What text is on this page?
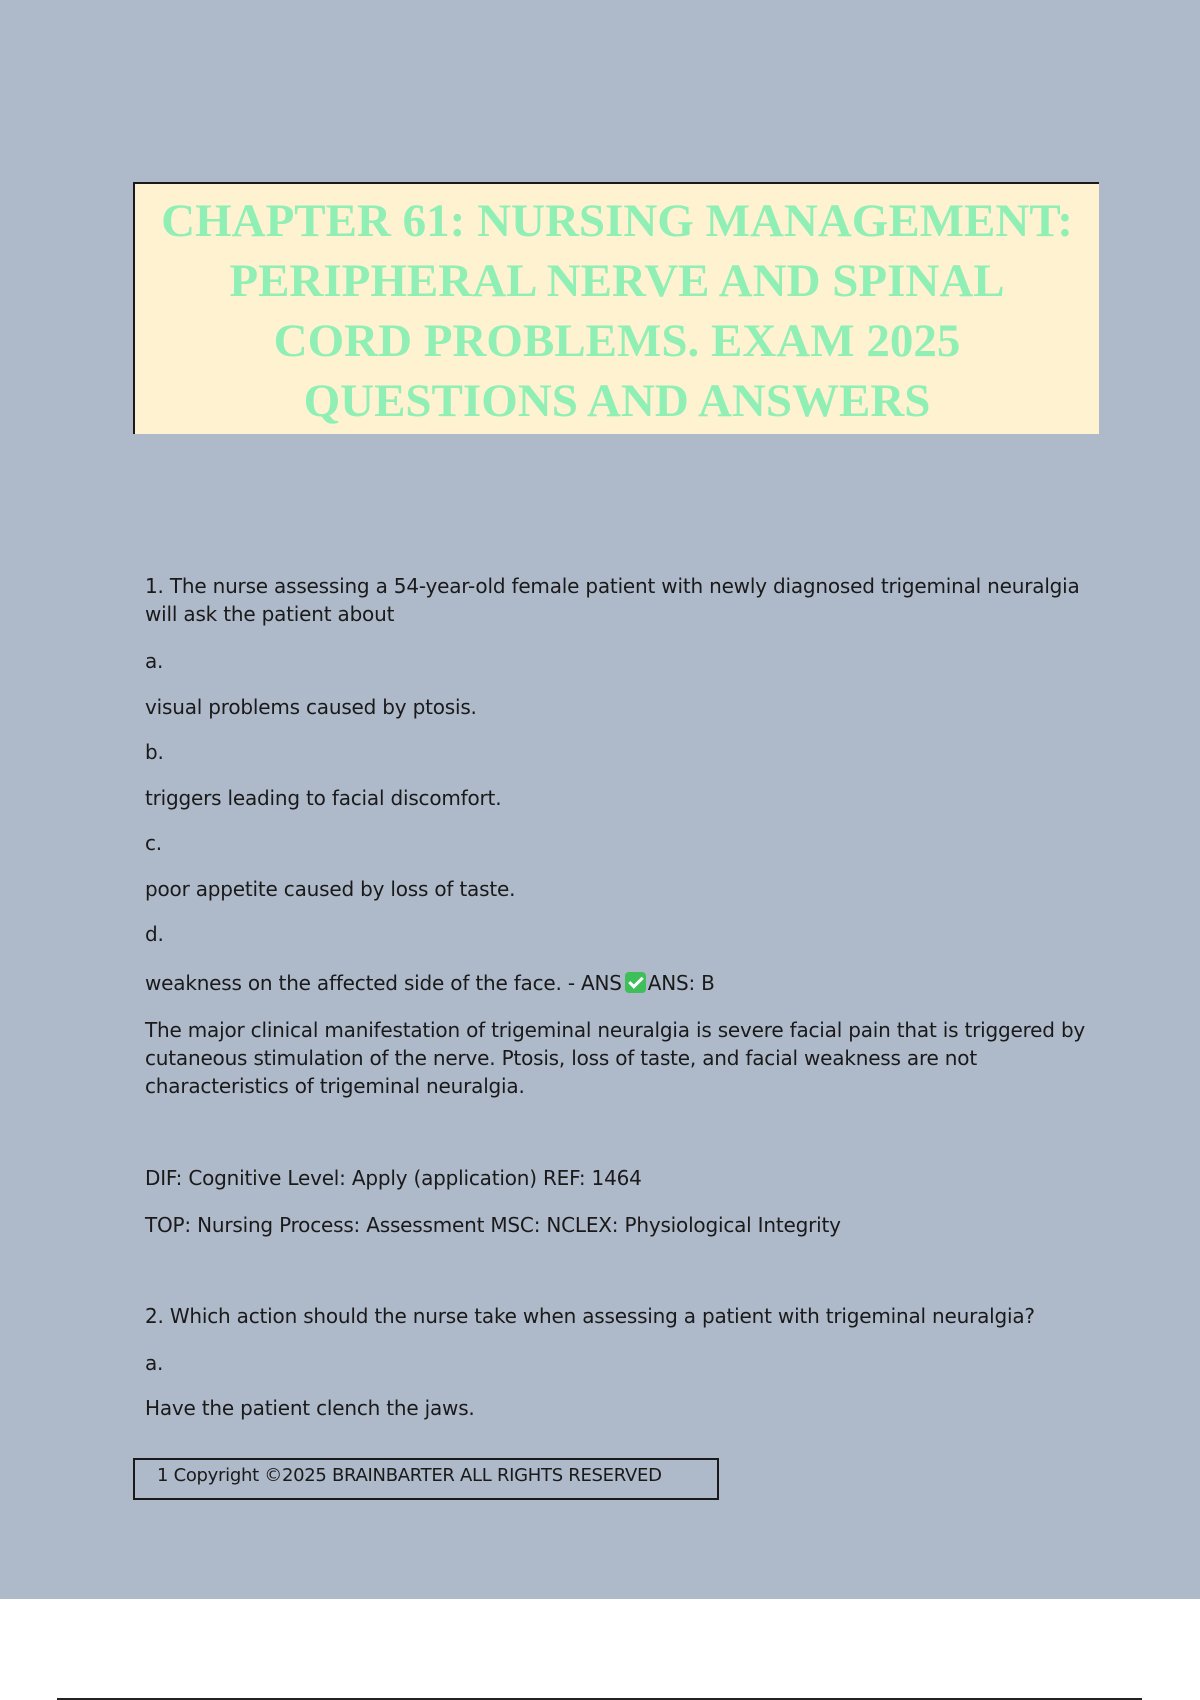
CHAPTER 61: NURSING MANAGEMENT:
PERIPHERAL NERVE AND SPINAL
CORD PROBLEMS. EXAM 2025
QUESTIONS AND ANSWERS
1. The nurse assessing a 54-year-old female patient with newly diagnosed trigeminal neuralgia
will ask the patient about
a.
visual problems caused by ptosis.
b.
triggers leading to facial discomfort.
c.
poor appetite caused by loss of taste.
d.
weakness on the affected side of the face. - ANS ANS: B
The major clinical manifestation of trigeminal neuralgia is severe facial pain that is triggered by
cutaneous stimulation of the nerve. Ptosis, loss of taste, and facial weakness are not
characteristics of trigeminal neuralgia.
DIF: Cognitive Level: Apply (application) REF: 1464
TOP: Nursing Process: Assessment MSC: NCLEX: Physiological Integrity
2. Which action should the nurse take when assessing a patient with trigeminal neuralgia?
a.
Have the patient clench the jaws.
1 Copyright ©2025 BRAINBARTER ALL RIGHTS RESERVED
